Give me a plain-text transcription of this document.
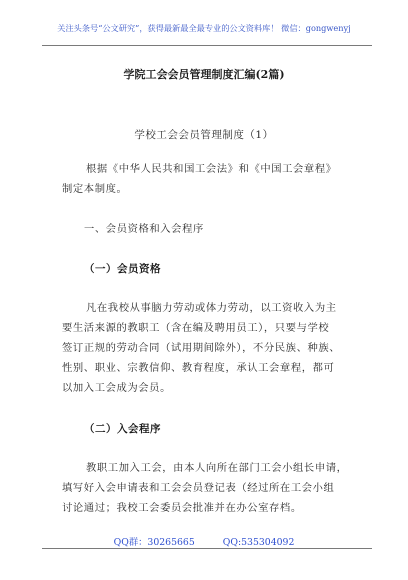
关注头条号“公文研究”，获得最新最全最专业的公文资料库！ 微信：gongwenyj
学院工会会员管理制度汇编(2篇)
学校工会会员管理制度（1）
根据《中华人民共和国工会法》和《中国工会章程》
制定本制度。
一、会员资格和入会程序
（一）会员资格
凡在我校从事脑力劳动或体力劳动，以工资收入为主
要生活来源的教职工（含在编及聘用员工），只要与学校
签订正规的劳动合同（试用期间除外），不分民族、种族、
性别、职业、宗教信仰、教育程度，承认工会章程，都可
以加入工会成为会员。
（二）入会程序
教职工加入工会，由本人向所在部门工会小组长申请，
填写好入会申请表和工会会员登记表（经过所在工会小组
讨论通过；我校工会委员会批准并在办公室存档。
QQ群：30265665	QQ:535304092
